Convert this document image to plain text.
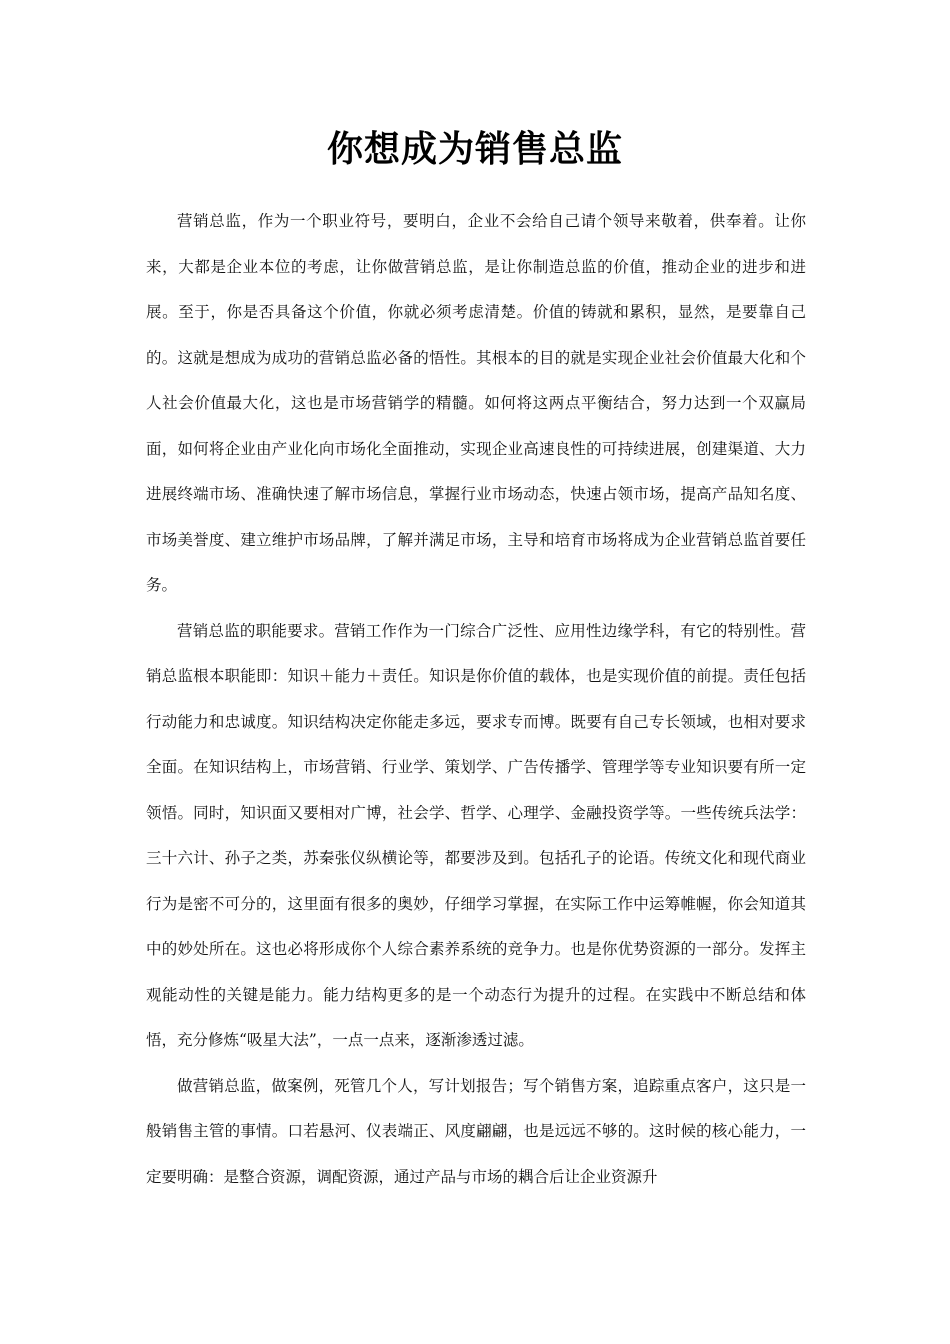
你想成为销售总监

营销总监，作为一个职业符号，要明白，企业不会给自己请个领导来敬着，供奉着。让你来，大都是企业本位的考虑，让你做营销总监，是让你制造总监的价值，推动企业的进步和进展。至于，你是否具备这个价值，你就必须考虑清楚。价值的铸就和累积，显然，是要靠自己的。这就是想成为成功的营销总监必备的悟性。其根本的目的就是实现企业社会价值最大化和个人社会价值最大化，这也是市场营销学的精髓。如何将这两点平衡结合，努力达到一个双赢局面，如何将企业由产业化向市场化全面推动，实现企业高速良性的可持续进展，创建渠道、大力进展终端市场、准确快速了解市场信息，掌握行业市场动态，快速占领市场，提高产品知名度、市场美誉度、建立维护市场品牌，了解并满足市场，主导和培育市场将成为企业营销总监首要任务。

营销总监的职能要求。营销工作作为一门综合广泛性、应用性边缘学科，有它的特别性。营销总监根本职能即：知识＋能力＋责任。知识是你价值的载体，也是实现价值的前提。责任包括行动能力和忠诚度。知识结构决定你能走多远，要求专而博。既要有自己专长领域，也相对要求全面。在知识结构上，市场营销、行业学、策划学、广告传播学、管理学等专业知识要有所一定领悟。同时，知识面又要相对广博，社会学、哲学、心理学、金融投资学等。一些传统兵法学：三十六计、孙子之类，苏秦张仪纵横论等，都要涉及到。包括孔子的论语。传统文化和现代商业行为是密不可分的，这里面有很多的奥妙，仔细学习掌握，在实际工作中运筹帷幄，你会知道其中的妙处所在。这也必将形成你个人综合素养系统的竞争力。也是你优势资源的一部分。发挥主观能动性的关键是能力。能力结构更多的是一个动态行为提升的过程。在实践中不断总结和体悟，充分修炼“吸星大法”，一点一点来，逐渐渗透过滤。

做营销总监，做案例，死管几个人，写计划报告；写个销售方案，追踪重点客户，这只是一般销售主管的事情。口若悬河、仪表端正、风度翩翩，也是远远不够的。这时候的核心能力，一定要明确：是整合资源，调配资源，通过产品与市场的耦合后让企业资源升
